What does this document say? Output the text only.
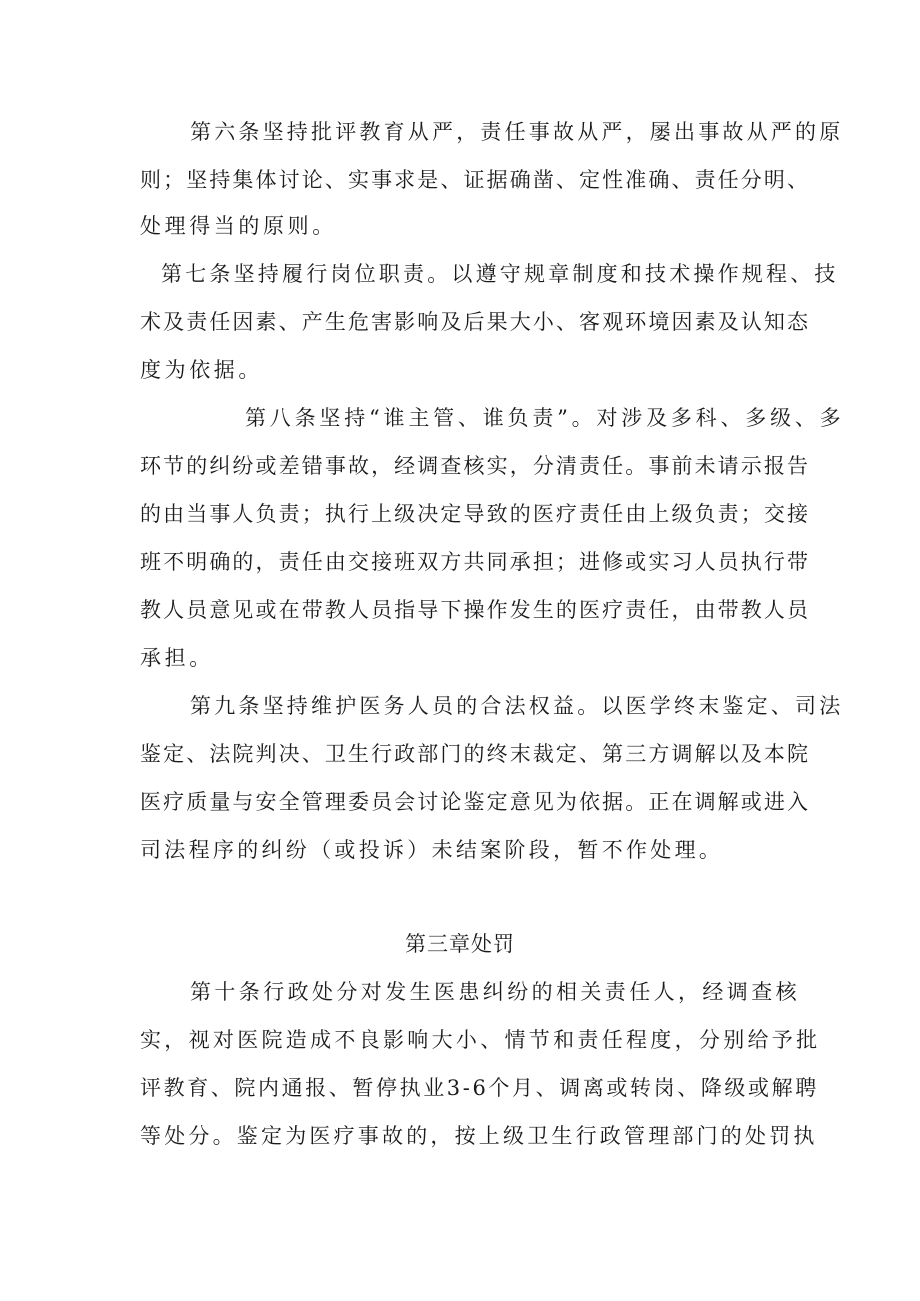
第六条坚持批评教育从严，责任事故从严，屡出事故从严的原
则；坚持集体讨论、实事求是、证据确凿、定性准确、责任分明、
处理得当的原则。
第七条坚持履行岗位职责。以遵守规章制度和技术操作规程、技
术及责任因素、产生危害影响及后果大小、客观环境因素及认知态
度为依据。
第八条坚持“谁主管、谁负责”。对涉及多科、多级、多
环节的纠纷或差错事故，经调查核实，分清责任。事前未请示报告
的由当事人负责；执行上级决定导致的医疗责任由上级负责；交接
班不明确的，责任由交接班双方共同承担；进修或实习人员执行带
教人员意见或在带教人员指导下操作发生的医疗责任，由带教人员
承担。
第九条坚持维护医务人员的合法权益。以医学终末鉴定、司法
鉴定、法院判决、卫生行政部门的终末裁定、第三方调解以及本院
医疗质量与安全管理委员会讨论鉴定意见为依据。正在调解或进入
司法程序的纠纷（或投诉）未结案阶段，暂不作处理。
第三章处罚
第十条行政处分对发生医患纠纷的相关责任人，经调查核
实，视对医院造成不良影响大小、情节和责任程度，分别给予批
评教育、院内通报、暂停执业3-6个月、调离或转岗、降级或解聘
等处分。鉴定为医疗事故的，按上级卫生行政管理部门的处罚执
